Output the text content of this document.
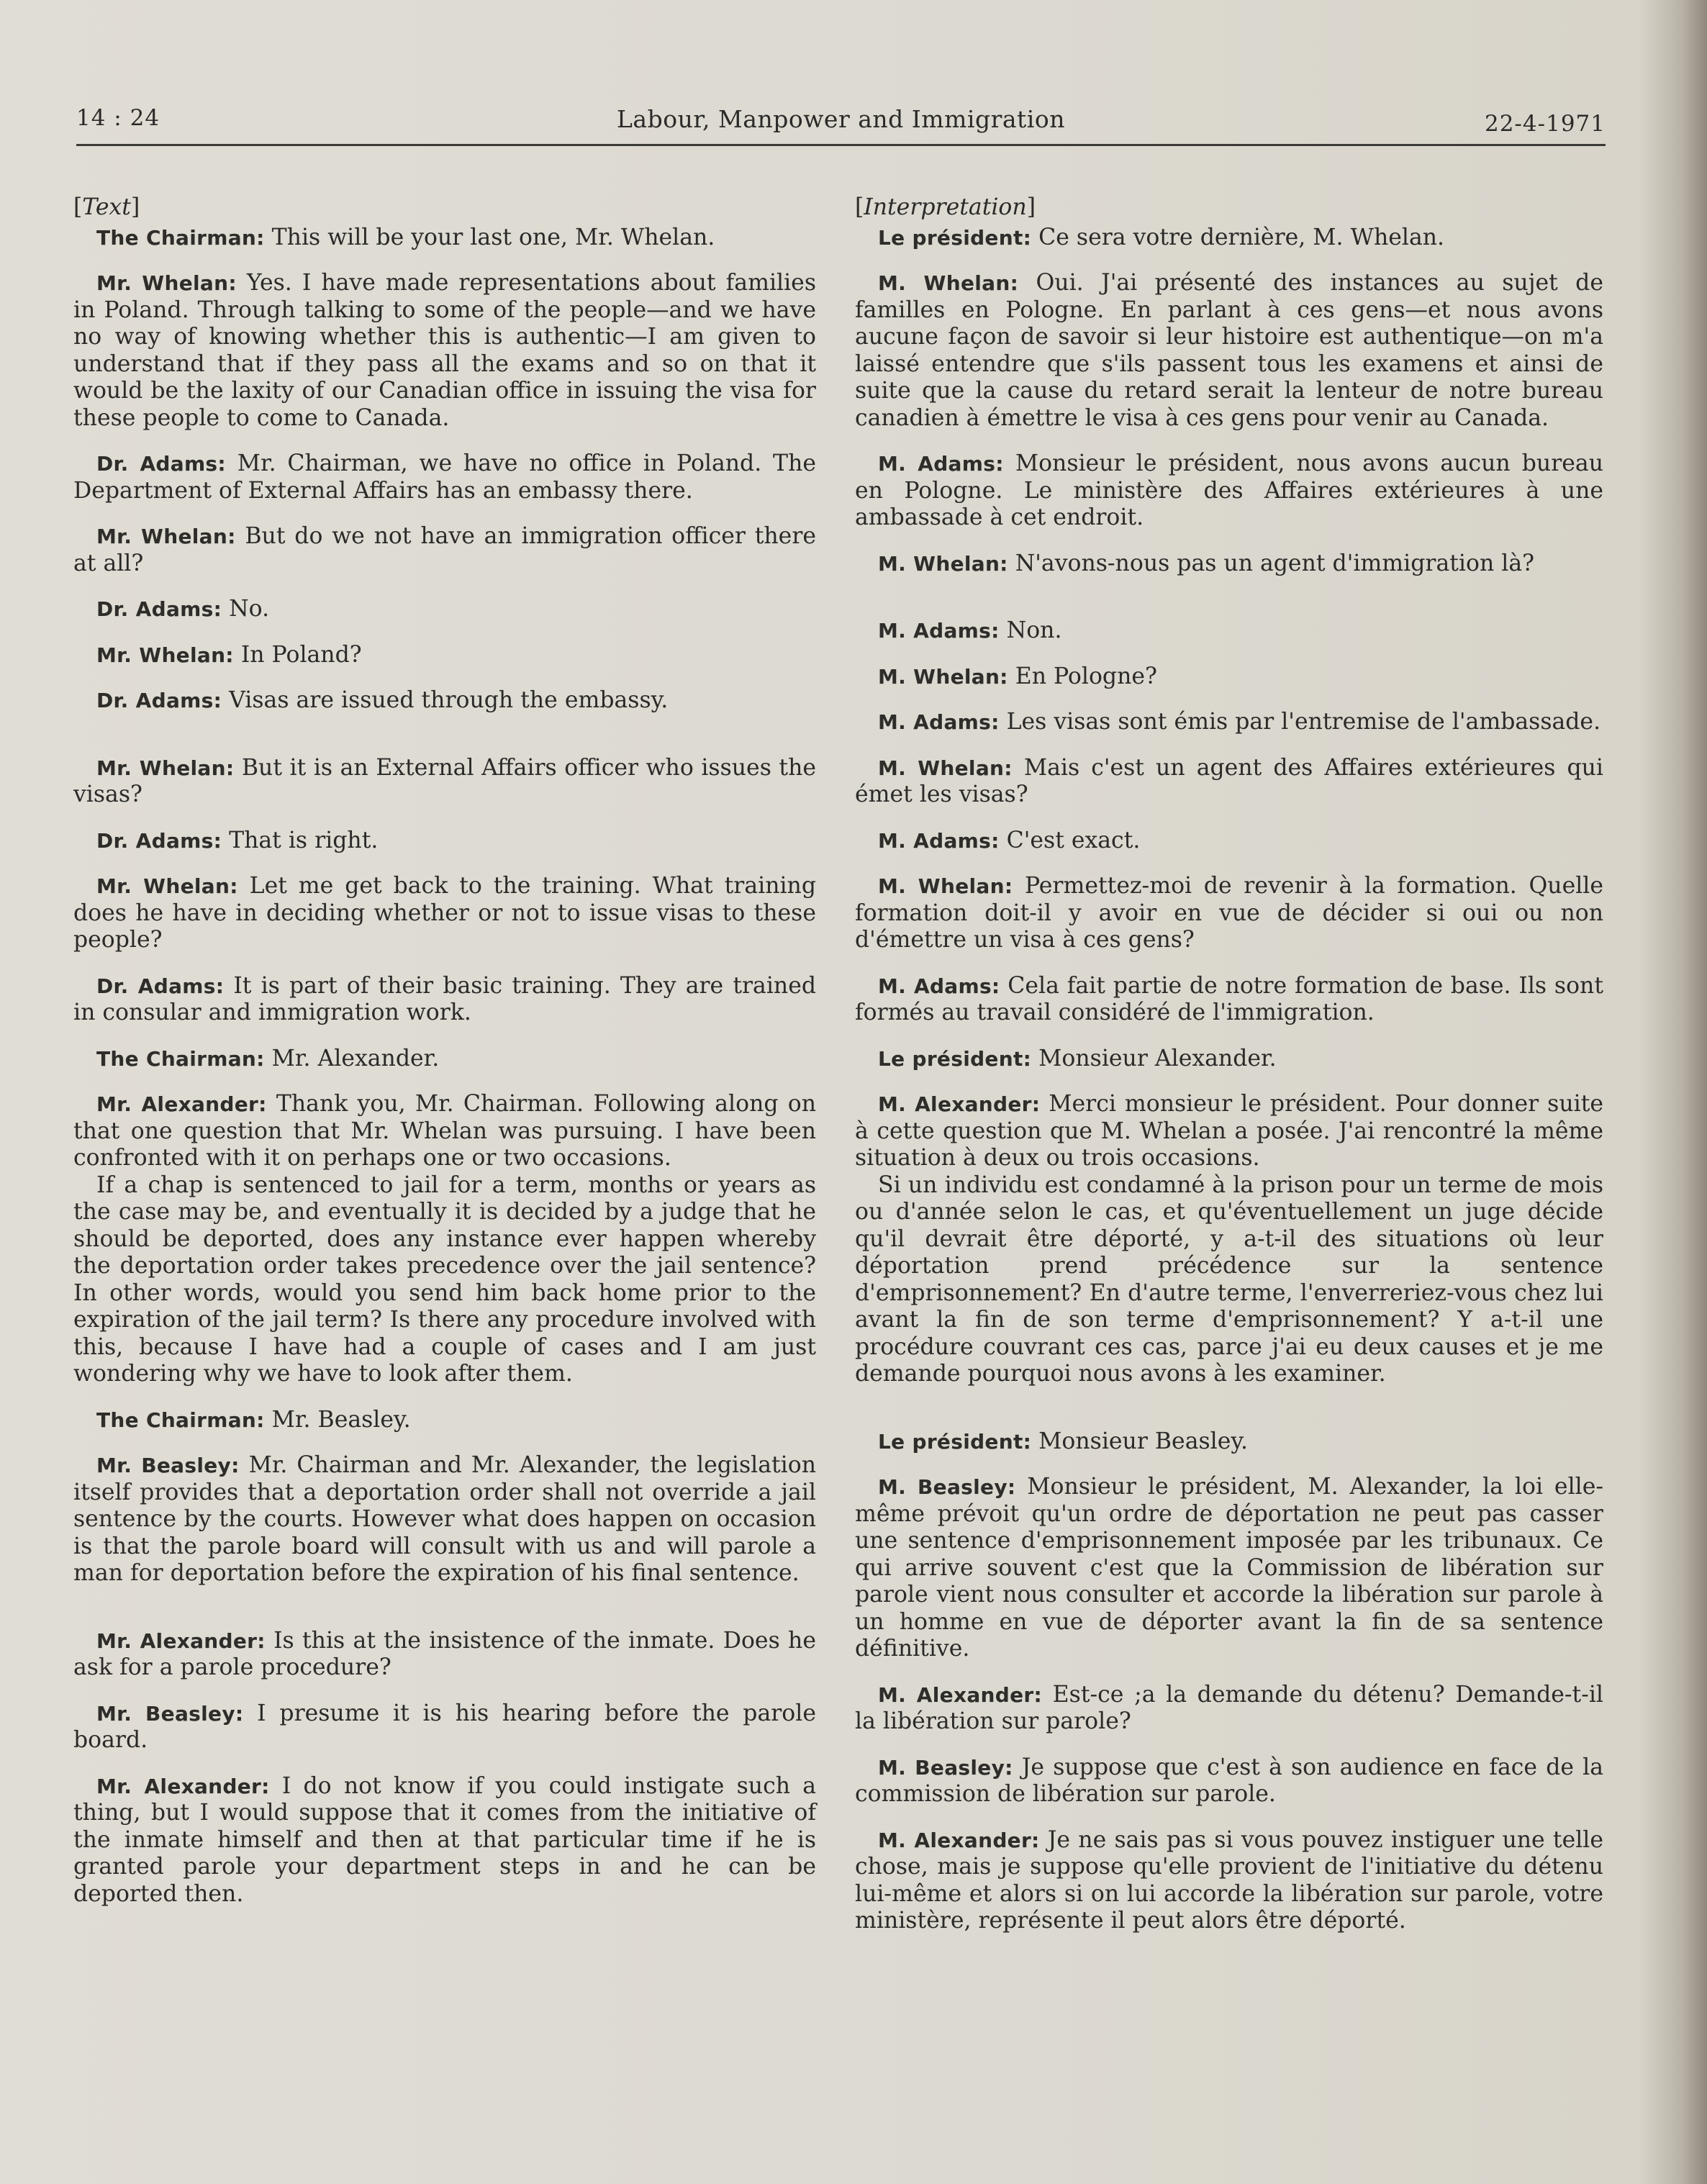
14 : 24	Labour, Manpower and Immigration	22-4-1971
[Text]

The Chairman: This will be your last one, Mr. Whelan.

Mr. Whelan: Yes. I have made representations about families in Poland. Through talking to some of the people—and we have no way of knowing whether this is authentic—I am given to understand that if they pass all the exams and so on that it would be the laxity of our Canadian office in issuing the visa for these people to come to Canada.

Dr. Adams: Mr. Chairman, we have no office in Poland. The Department of External Affairs has an embassy there.

Mr. Whelan: But do we not have an immigration officer there at all?

Dr. Adams: No.

Mr. Whelan: In Poland?

Dr. Adams: Visas are issued through the embassy.

Mr. Whelan: But it is an External Affairs officer who issues the visas?

Dr. Adams: That is right.

Mr. Whelan: Let me get back to the training. What training does he have in deciding whether or not to issue visas to these people?

Dr. Adams: It is part of their basic training. They are trained in consular and immigration work.

The Chairman: Mr. Alexander.

Mr. Alexander: Thank you, Mr. Chairman. Following along on that one question that Mr. Whelan was pursuing. I have been confronted with it on perhaps one or two occasions.

If a chap is sentenced to jail for a term, months or years as the case may be, and eventually it is decided by a judge that he should be deported, does any instance ever happen whereby the deportation order takes precedence over the jail sentence? In other words, would you send him back home prior to the expiration of the jail term? Is there any procedure involved with this, because I have had a couple of cases and I am just wondering why we have to look after them.

The Chairman: Mr. Beasley.

Mr. Beasley: Mr. Chairman and Mr. Alexander, the legislation itself provides that a deportation order shall not override a jail sentence by the courts. However what does happen on occasion is that the parole board will consult with us and will parole a man for deportation before the expiration of his final sentence.

Mr. Alexander: Is this at the insistence of the inmate. Does he ask for a parole procedure?

Mr. Beasley: I presume it is his hearing before the parole board.

Mr. Alexander: I do not know if you could instigate such a thing, but I would suppose that it comes from the initiative of the inmate himself and then at that particular time if he is granted parole your department steps in and he can be deported then.

[Interpretation]

Le président: Ce sera votre dernière, M. Whelan.

M. Whelan: Oui. J'ai présenté des instances au sujet de familles en Pologne. En parlant à ces gens—et nous avons aucune façon de savoir si leur histoire est authentique—on m'a laissé entendre que s'ils passent tous les examens et ainsi de suite que la cause du retard serait la lenteur de notre bureau canadien à émettre le visa à ces gens pour venir au Canada.

M. Adams: Monsieur le président, nous avons aucun bureau en Pologne. Le ministère des Affaires extérieures à une ambassade à cet endroit.

M. Whelan: N'avons-nous pas un agent d'immigration là?

M. Adams: Non.

M. Whelan: En Pologne?

M. Adams: Les visas sont émis par l'entremise de l'ambassade.

M. Whelan: Mais c'est un agent des Affaires extérieures qui émet les visas?

M. Adams: C'est exact.

M. Whelan: Permettez-moi de revenir à la formation. Quelle formation doit-il y avoir en vue de décider si oui ou non d'émettre un visa à ces gens?

M. Adams: Cela fait partie de notre formation de base. Ils sont formés au travail considéré de l'immigration.

Le président: Monsieur Alexander.

M. Alexander: Merci monsieur le président. Pour donner suite à cette question que M. Whelan a posée. J'ai rencontré la même situation à deux ou trois occasions.

Si un individu est condamné à la prison pour un terme de mois ou d'année selon le cas, et qu'éventuellement un juge décide qu'il devrait être déporté, y a-t-il des situations où leur déportation prend précédence sur la sentence d'emprisonnement? En d'autre terme, l'enverreriez-vous chez lui avant la fin de son terme d'emprisonnement? Y a-t-il une procédure couvrant ces cas, parce j'ai eu deux causes et je me demande pourquoi nous avons à les examiner.

Le président: Monsieur Beasley.

M. Beasley: Monsieur le président, M. Alexander, la loi elle-même prévoit qu'un ordre de déportation ne peut pas casser une sentence d'emprisonnement imposée par les tribunaux. Ce qui arrive souvent c'est que la Commission de libération sur parole vient nous consulter et accorde la libération sur parole à un homme en vue de déporter avant la fin de sa sentence définitive.

M. Alexander: Est-ce ;a la demande du détenu? Demande-t-il la libération sur parole?

M. Beasley: Je suppose que c'est à son audience en face de la commission de libération sur parole.

M. Alexander: Je ne sais pas si vous pouvez instiguer une telle chose, mais je suppose qu'elle provient de l'initiative du détenu lui-même et alors si on lui accorde la libération sur parole, votre ministère, représente il peut alors être déporté.
